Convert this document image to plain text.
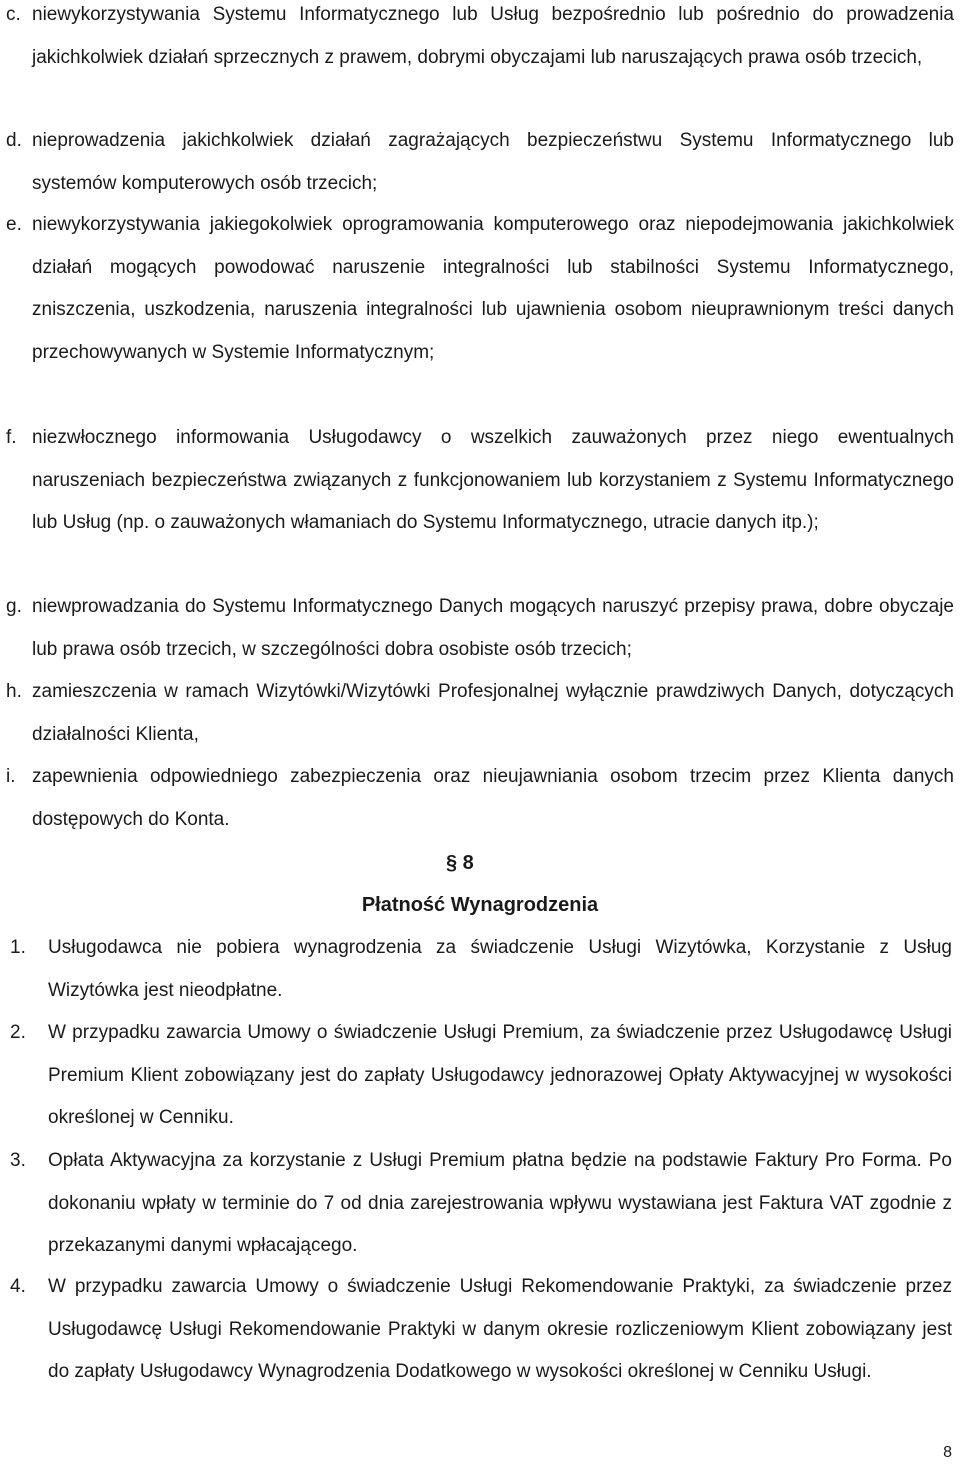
c. niewykorzystywania Systemu Informatycznego lub Usług bezpośrednio lub pośrednio do prowadzenia jakichkolwiek działań sprzecznych z prawem, dobrymi obyczajami lub naruszających prawa osób trzecich,
d. nieprowadzenia jakichkolwiek działań zagrażających bezpieczeństwu Systemu Informatycznego lub systemów komputerowych osób trzecich;
e. niewykorzystywania jakiegokolwiek oprogramowania komputerowego oraz niepodejmowania jakichkolwiek działań mogących powodować naruszenie integralności lub stabilności Systemu Informatycznego, zniszczenia, uszkodzenia, naruszenia integralności lub ujawnienia osobom nieuprawnionym treści danych przechowywanych w Systemie Informatycznym;
f. niezwłocznego informowania Usługodawcy o wszelkich zauważonych przez niego ewentualnych naruszeniach bezpieczeństwa związanych z funkcjonowaniem lub korzystaniem z Systemu Informatycznego lub Usług (np. o zauważonych włamaniach do Systemu Informatycznego, utracie danych itp.);
g. niewprowadzania do Systemu Informatycznego Danych mogących naruszyć przepisy prawa, dobre obyczaje lub prawa osób trzecich, w szczególności dobra osobiste osób trzecich;
h. zamieszczenia w ramach Wizytówki/Wizytówki Profesjonalnej wyłącznie prawdziwych Danych, dotyczących działalności Klienta,
i. zapewnienia odpowiedniego zabezpieczenia oraz nieujawniania osobom trzecim przez Klienta danych dostępowych do Konta.
§ 8
Płatność Wynagrodzenia
1. Usługodawca nie pobiera wynagrodzenia za świadczenie Usługi Wizytówka, Korzystanie z Usług Wizytówka jest nieodpłatne.
2. W przypadku zawarcia Umowy o świadczenie Usługi Premium, za świadczenie przez Usługodawcę Usługi Premium Klient zobowiązany jest do zapłaty Usługodawcy jednorazowej Opłaty Aktywacyjnej w wysokości określonej w Cenniku.
3. Opłata Aktywacyjna za korzystanie z Usługi Premium płatna będzie na podstawie Faktury Pro Forma. Po dokonaniu wpłaty w terminie do 7 od dnia zarejestrowania wpływu wystawiana jest Faktura VAT zgodnie z przekazanymi danymi wpłacającego.
4. W przypadku zawarcia Umowy o świadczenie Usługi Rekomendowanie Praktyki, za świadczenie przez Usługodawcę Usługi Rekomendowanie Praktyki w danym okresie rozliczeniowym Klient zobowiązany jest do zapłaty Usługodawcy Wynagrodzenia Dodatkowego w wysokości określonej w Cenniku Usługi.
8
